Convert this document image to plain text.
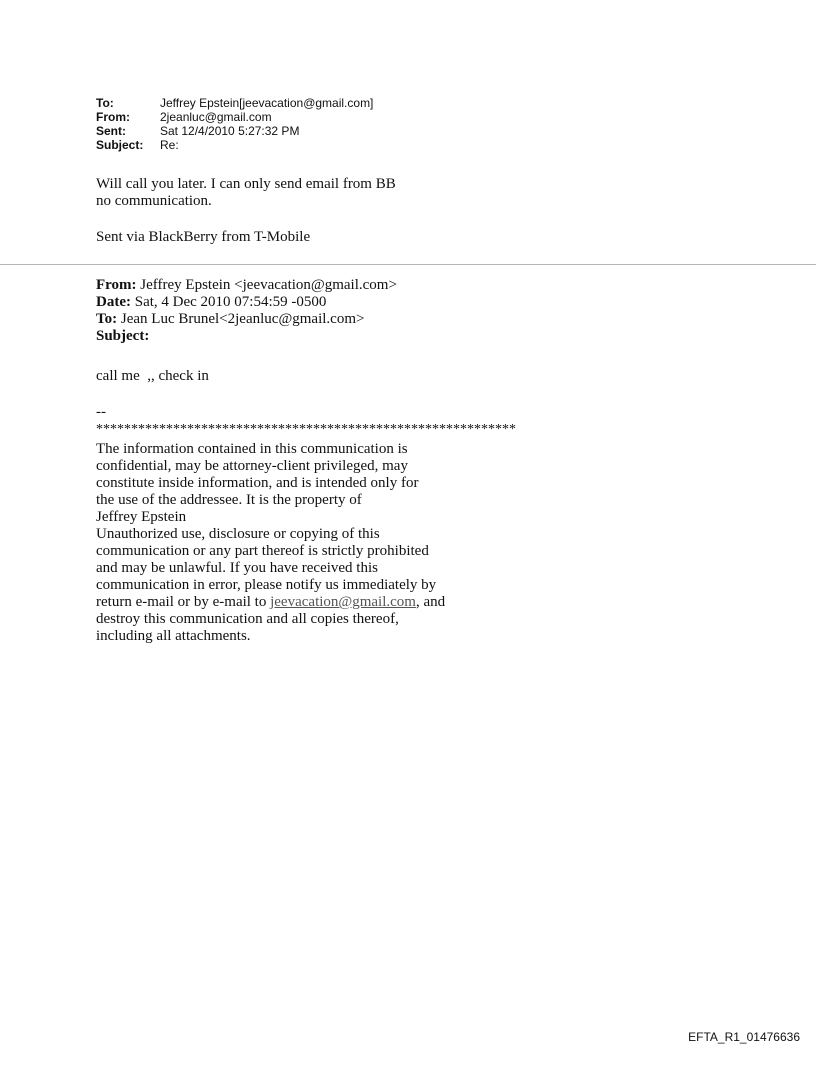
To:	Jeffrey Epstein[jeevacation@gmail.com]
From:	2jeanluc@gmail.com
Sent:	Sat 12/4/2010 5:27:32 PM
Subject:	Re:
Will call you later. I can only send email from BB
no communication.
Sent via BlackBerry from T-Mobile
From: Jeffrey Epstein <jeevacation@gmail.com>
Date: Sat, 4 Dec 2010 07:54:59 -0500
To: Jean Luc Brunel<2jeanluc@gmail.com>
Subject:
call me  ,, check in
--
************************************************************
The information contained in this communication is
confidential, may be attorney-client privileged, may
constitute inside information, and is intended only for
the use of the addressee. It is the property of
Jeffrey Epstein
Unauthorized use, disclosure or copying of this
communication or any part thereof is strictly prohibited
and may be unlawful. If you have received this
communication in error, please notify us immediately by
return e-mail or by e-mail to jeevacation@gmail.com, and
destroy this communication and all copies thereof,
including all attachments.
EFTA_R1_01476636
